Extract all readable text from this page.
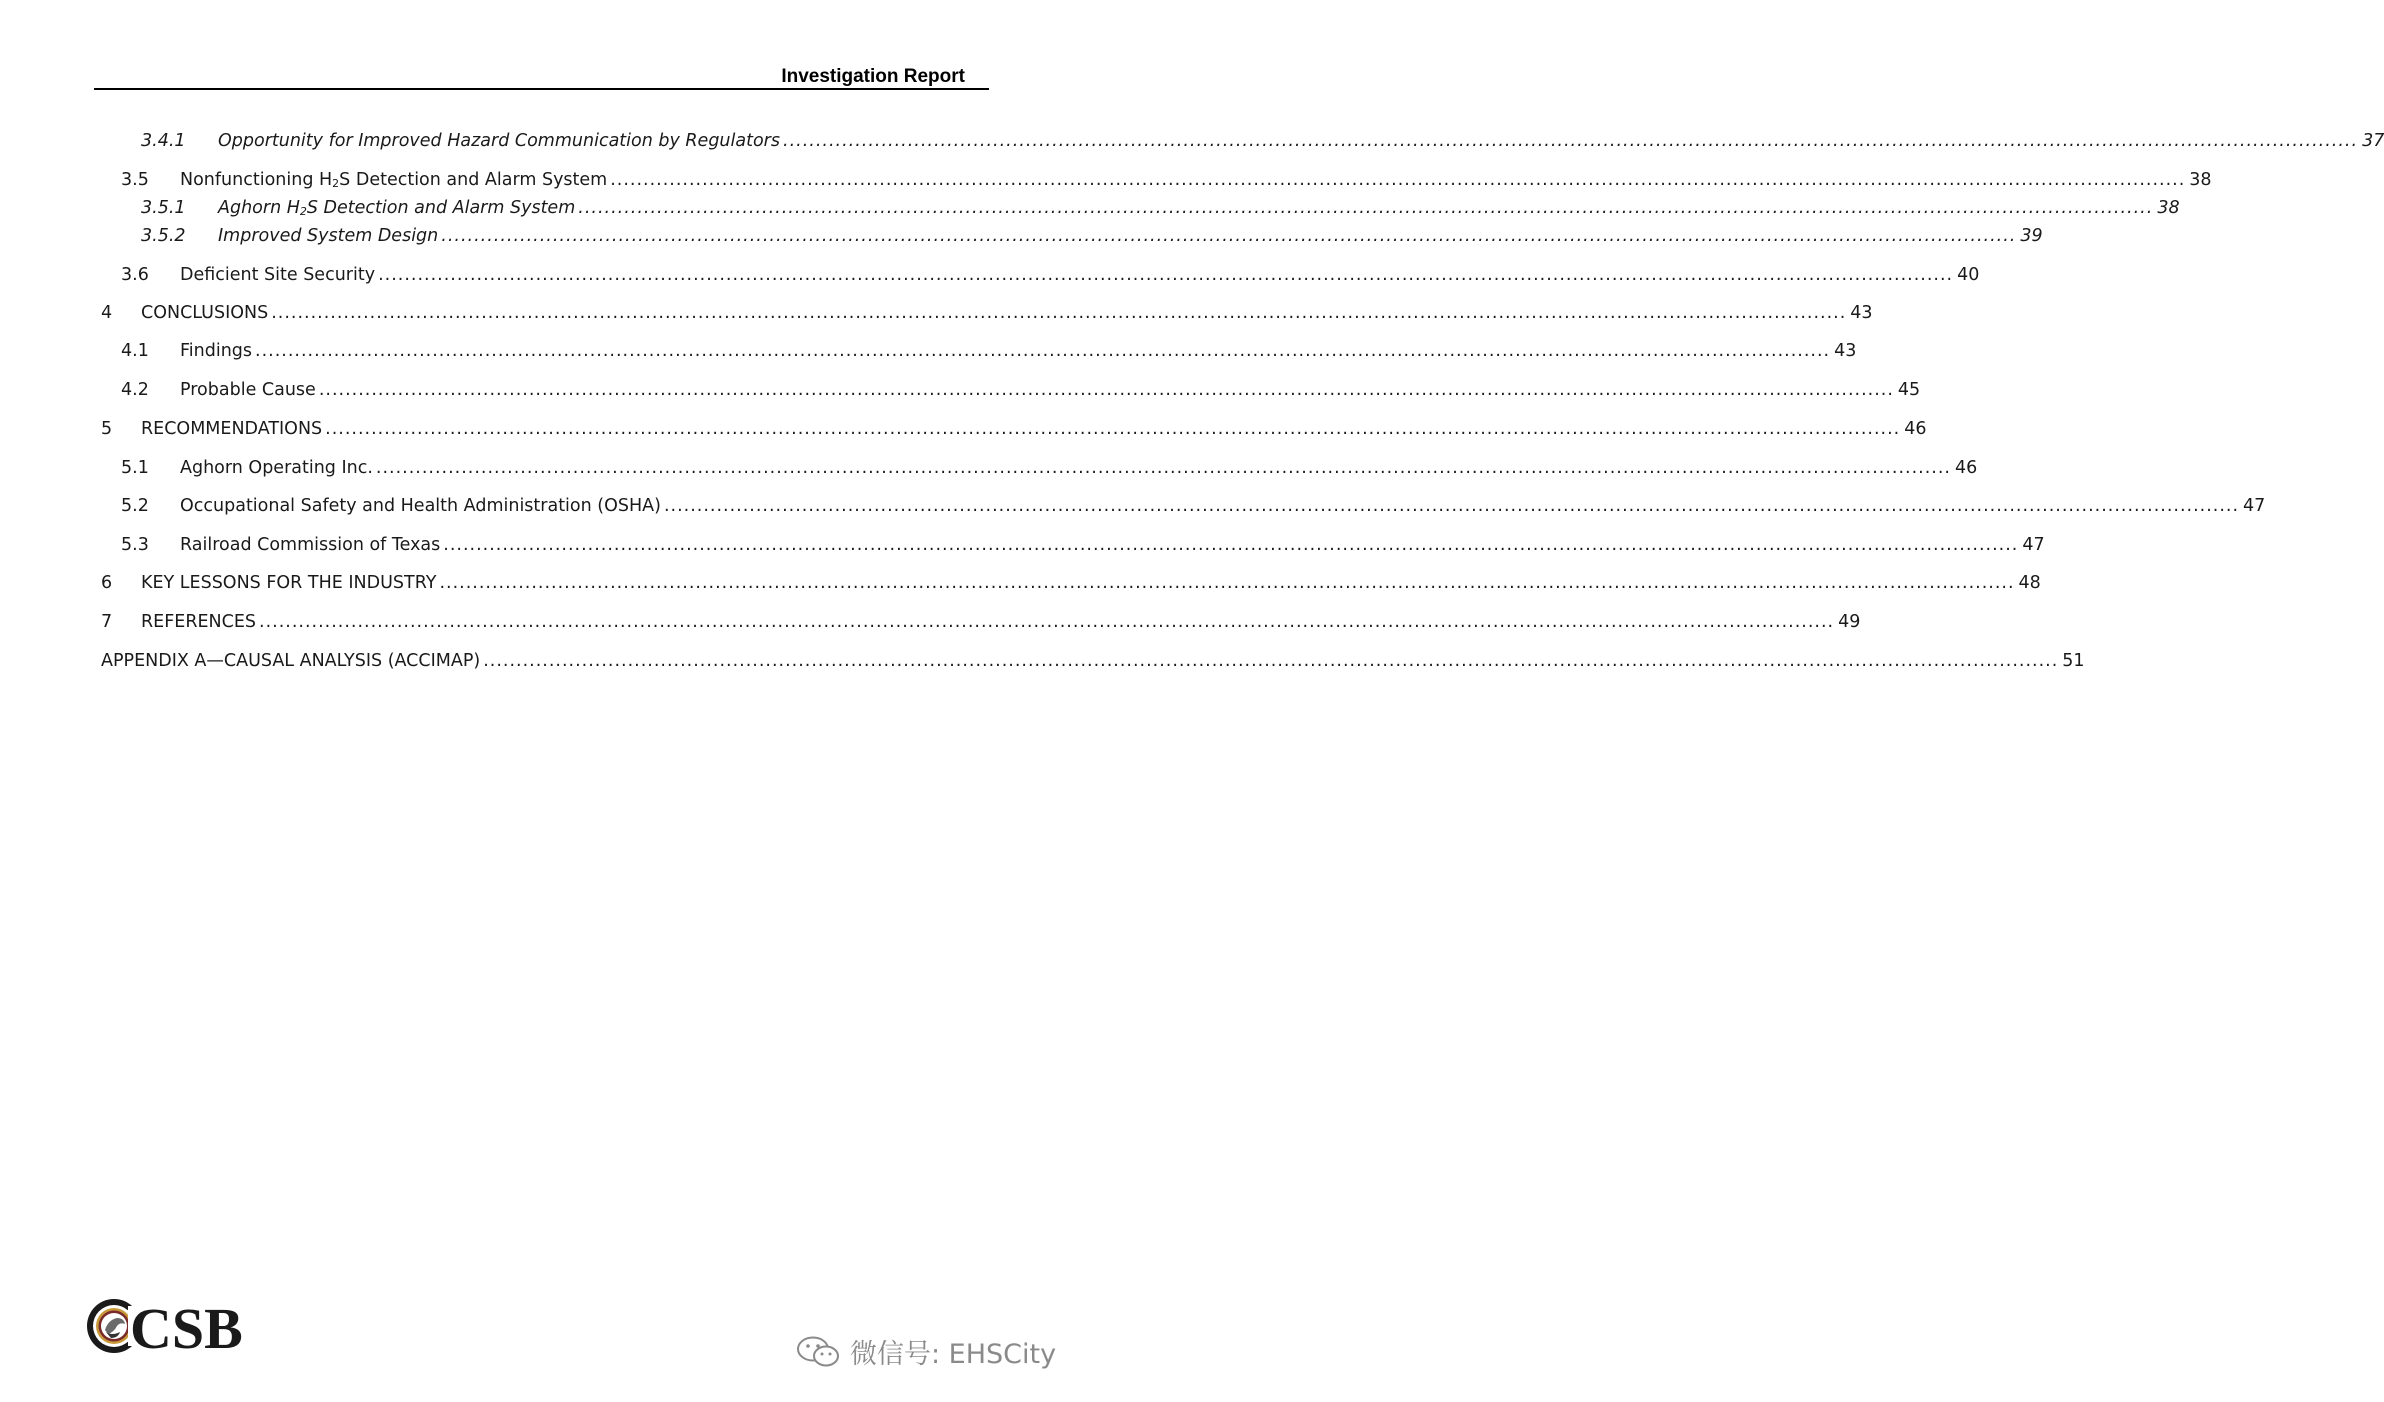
Investigation Report
3.4.1	Opportunity for Improved Hazard Communication by Regulators .....	37
3.5	Nonfunctioning $H_2S$ Detection and Alarm System .....	38
3.5.1	Aghorn $H_2S$ Detection and Alarm System .....	38
3.5.2	Improved System Design .....	39
3.6	Deficient Site Security .....	40
4	CONCLUSIONS .....	43
4.1	Findings .....	43
4.2	Probable Cause .....	45
5	RECOMMENDATIONS .....	46
5.1	Aghorn Operating Inc. .....	46
5.2	Occupational Safety and Health Administration (OSHA) .....	47
5.3	Railroad Commission of Texas .....	47
6	KEY LESSONS FOR THE INDUSTRY .....	48
7	REFERENCES .....	49
APPENDIX A—CAUSAL ANALYSIS (ACCIMAP) .....	51
CSB	微信号: EHSCity
